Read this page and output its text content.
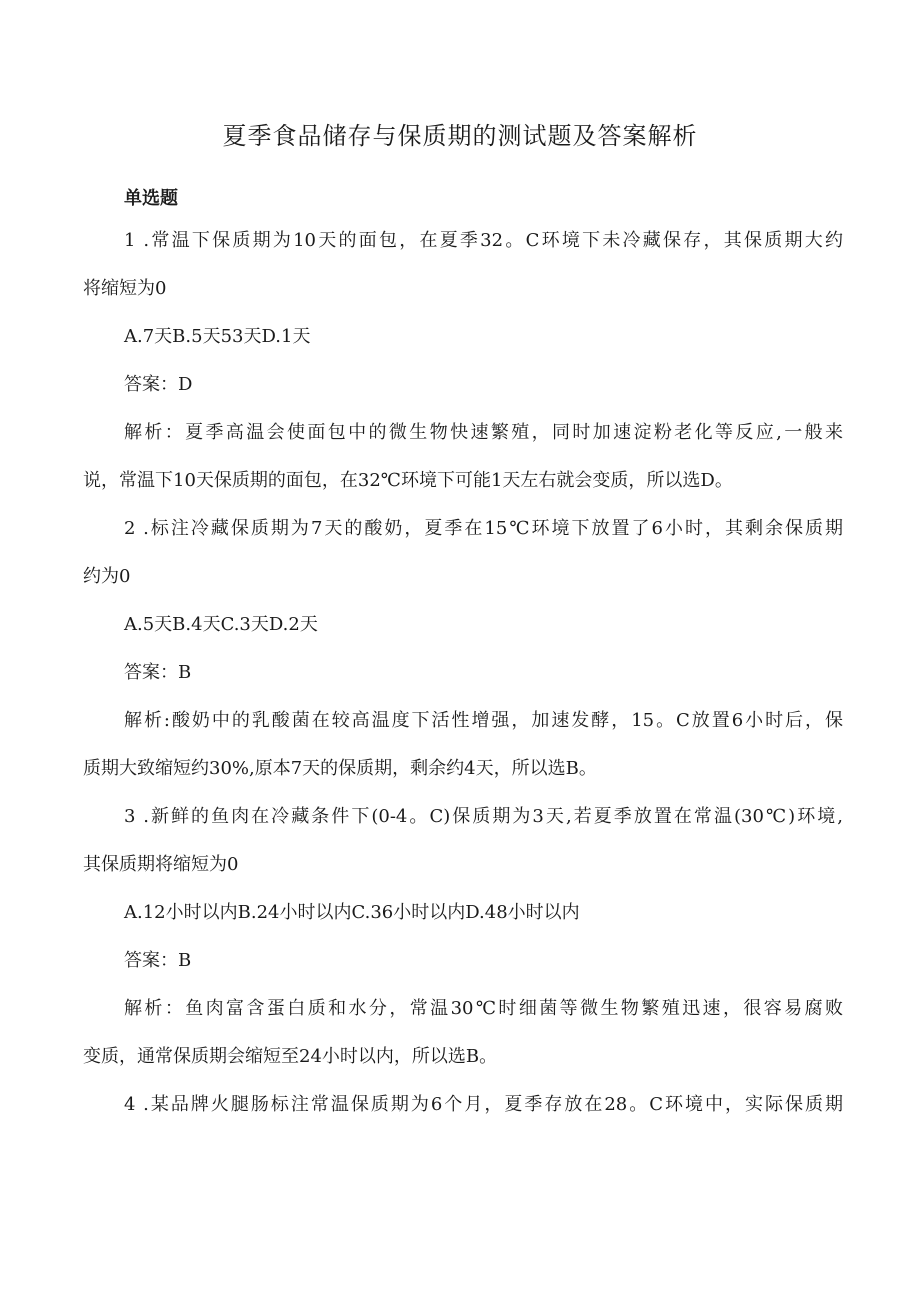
夏季食品储存与保质期的测试题及答案解析
单选题
1 .常温下保质期为10天的面包，在夏季32。C环境下未冷藏保存，其保质期大约
将缩短为0
A.7天B.5天53天D.1天
答案：D
解析：夏季高温会使面包中的微生物快速繁殖，同时加速淀粉老化等反应,一般来
说，常温下10天保质期的面包，在32℃环境下可能1天左右就会变质，所以选D。
2 .标注冷藏保质期为7天的酸奶，夏季在15℃环境下放置了6小时，其剩余保质期
约为0
A.5天B.4天C.3天D.2天
答案：B
解析:酸奶中的乳酸菌在较高温度下活性增强，加速发酵，15。C放置6小时后，保
质期大致缩短约30%,原本7天的保质期，剩余约4天，所以选B。
3 .新鲜的鱼肉在冷藏条件下(0-4。C)保质期为3天,若夏季放置在常温(30℃)环境,
其保质期将缩短为0
A.12小时以内B.24小时以内C.36小时以内D.48小时以内
答案：B
解析：鱼肉富含蛋白质和水分，常温30℃时细菌等微生物繁殖迅速，很容易腐败
变质，通常保质期会缩短至24小时以内，所以选B。
4 .某品牌火腿肠标注常温保质期为6个月，夏季存放在28。C环境中，实际保质期
